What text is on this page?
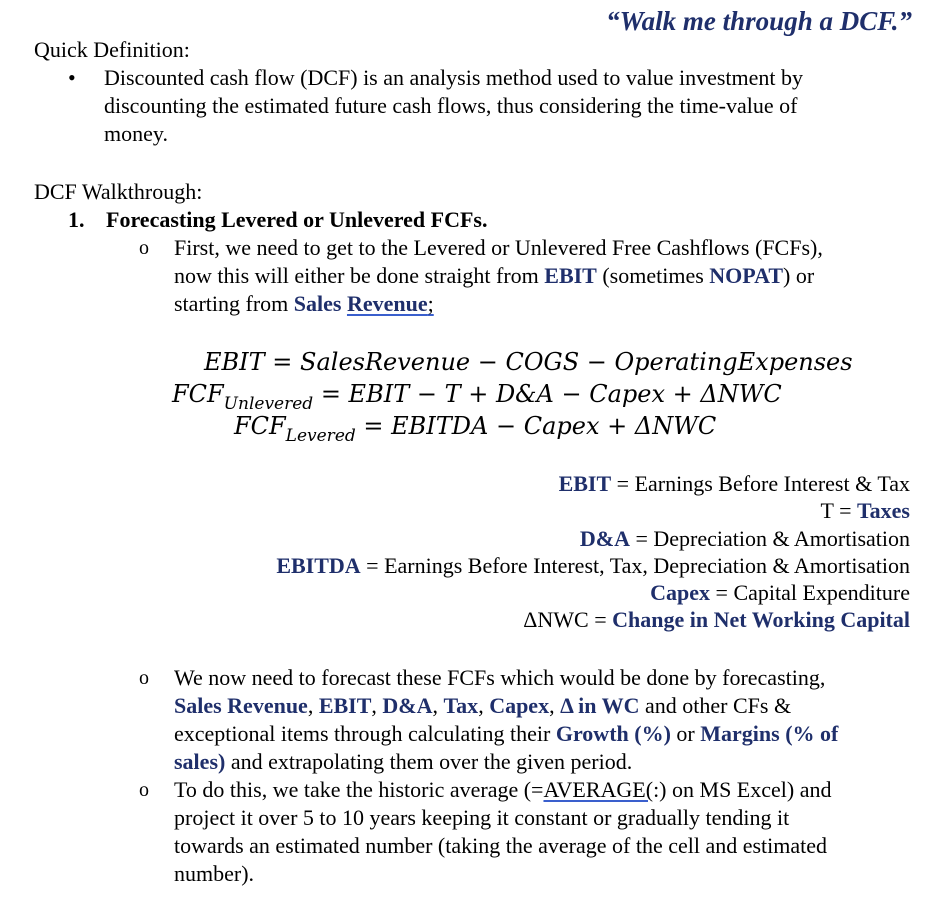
“Walk me through a DCF.”
Quick Definition:
• Discounted cash flow (DCF) is an analysis method used to value investment by
discounting the estimated future cash flows, thus considering the time-value of
money.
DCF Walkthrough:
1. Forecasting Levered or Unlevered FCFs.
o First, we need to get to the Levered or Unlevered Free Cashflows (FCFs),
now this will either be done straight from EBIT (sometimes NOPAT) or
starting from Sales Revenue;
EBIT = SalesRevenue − COGS − OperatingExpenses
$FCF_{Unlevered}$ = EBIT − T + D&A − Capex + ΔNWC
$FCF_{Levered}$ = EBITDA − Capex + ΔNWC
EBIT = Earnings Before Interest & Tax
T = Taxes
D&A = Depreciation & Amortisation
EBITDA = Earnings Before Interest, Tax, Depreciation & Amortisation
Capex = Capital Expenditure
ΔNWC = Change in Net Working Capital
o We now need to forecast these FCFs which would be done by forecasting,
Sales Revenue, EBIT, D&A, Tax, Capex, Δ in WC and other CFs &
exceptional items through calculating their Growth (%) or Margins (% of
sales) and extrapolating them over the given period.
o To do this, we take the historic average (=AVERAGE(:) on MS Excel) and
project it over 5 to 10 years keeping it constant or gradually tending it
towards an estimated number (taking the average of the cell and estimated
number).
